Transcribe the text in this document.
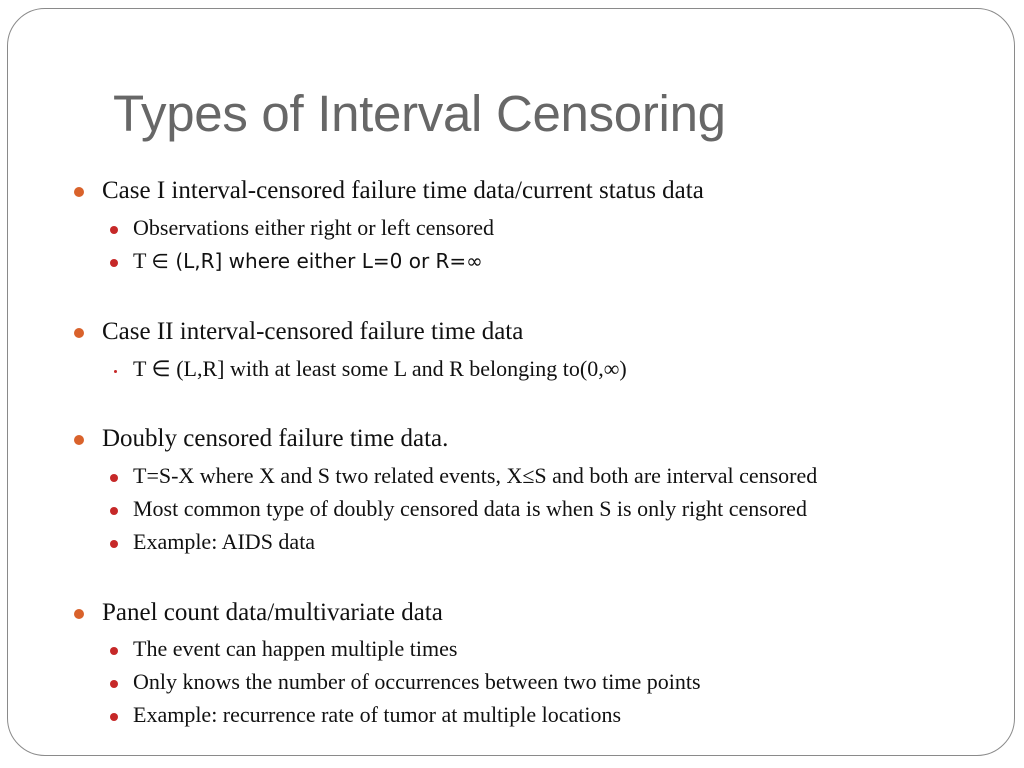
Types of Interval Censoring
Case I interval-censored failure time data/current status data
Observations either right or left censored
T ∈ (L,R] where either L=0 or R=∞
Case II interval-censored failure time data
T ∈ (L,R] with at least some L and R belonging to(0,∞)
Doubly censored failure time data.
T=S-X where X and S two related events, X≤S and both are interval censored
Most common type of doubly censored data is when S is only right censored
Example: AIDS data
Panel count data/multivariate data
The event can happen multiple times
Only knows the number of occurrences between two time points
Example: recurrence rate of tumor at multiple locations
